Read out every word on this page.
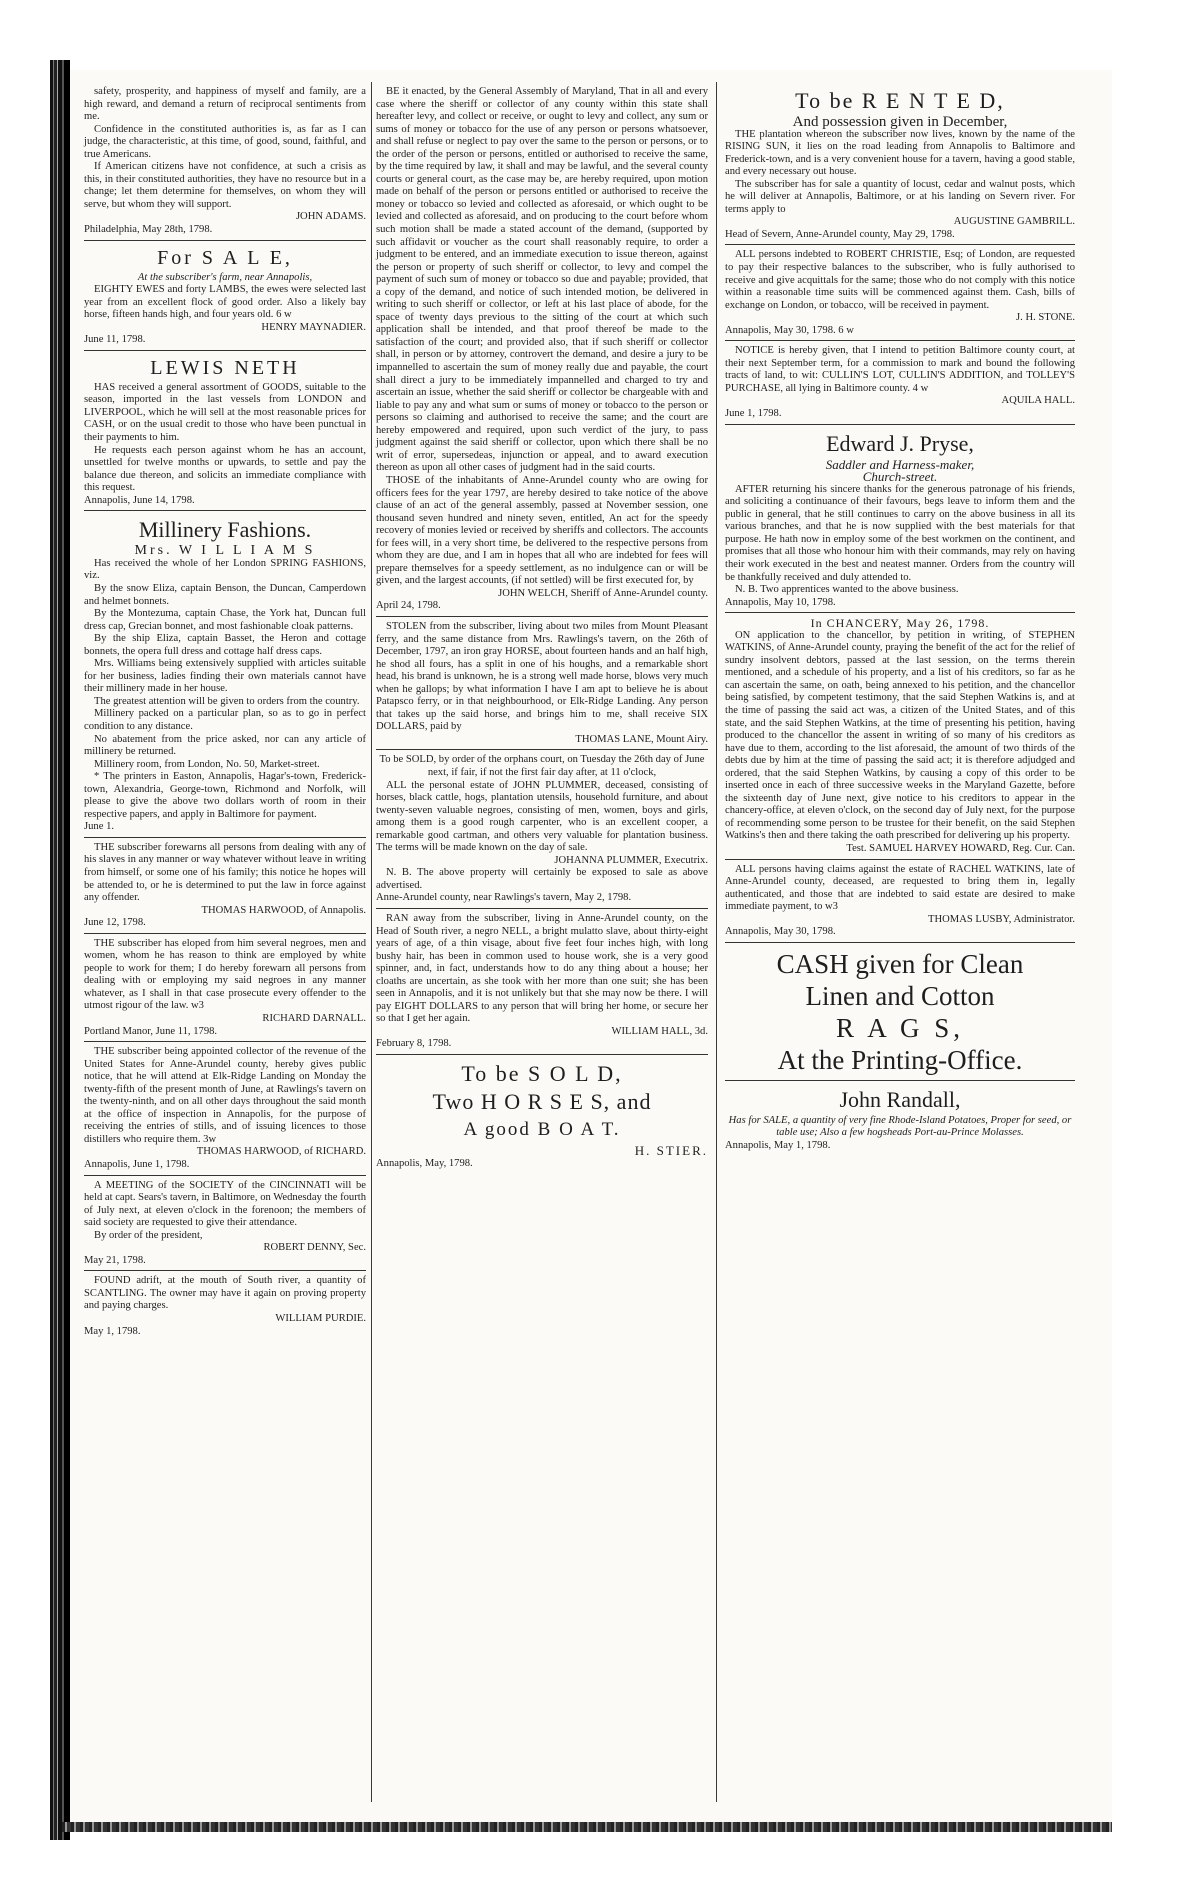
safety, prosperity, and happiness of myself and family, are a high reward, and demand a return of reciprocal sentiments from me.

Confidence in the constituted authorities is, as far as I can judge, the characteristic, at this time, of good, sound, faithful, and true Americans.

If American citizens have not confidence, at such a crisis as this, in their constituted authorities, they have no resource but in a change; let them determine for themselves, on whom they will serve, but whom they will support.

JOHN ADAMS.

Philadelphia, May 28th, 1798.

For S A L E,

At the subscriber's farm, near Annapolis,

EIGHTY EWES and forty LAMBS, the ewes were selected last year from an excellent flock of good order. Also a likely bay horse, fifteen hands high, and four years old. 6 w

HENRY MAYNADIER.

June 11, 1798.

LEWIS NETH

HAS received a general assortment of GOODS, suitable to the season, imported in the last vessels from LONDON and LIVERPOOL, which he will sell at the most reasonable prices for CASH, or on the usual credit to those who have been punctual in their payments to him.

He requests each person against whom he has an account, unsettled for twelve months or upwards, to settle and pay the balance due thereon, and solicits an immediate compliance with this request.

Annapolis, June 14, 1798.

Millinery Fashions.
Mrs. W I L L I A M S

Has received the whole of her London SPRING FASHIONS, viz.

By the snow Eliza, captain Benson, the Duncan, Camperdown and helmet bonnets.

By the Montezuma, captain Chase, the York hat, Duncan full dress cap, Grecian bonnet, and most fashionable cloak patterns.

By the ship Eliza, captain Basset, the Heron and cottage bonnets, the opera full dress and cottage half dress caps.

Mrs. Williams being extensively supplied with articles suitable for her business, ladies finding their own materials cannot have their millinery made in her house.

The greatest attention will be given to orders from the country.

Millinery packed on a particular plan, so as to go in perfect condition to any distance.

No abatement from the price asked, nor can any article of millinery be returned.

Millinery room, from London, No. 50, Market-street.

* The printers in Easton, Annapolis, Hagar's-town, Frederick-town, Alexandria, George-town, Richmond and Norfolk, will please to give the above two dollars worth of room in their respective papers, and apply in Baltimore for payment.

June 1.

THE subscriber forewarns all persons from dealing with any of his slaves in any manner or way whatever without leave in writing from himself, or some one of his family; this notice he hopes will be attended to, or he is determined to put the law in force against any offender.

THOMAS HARWOOD, of Annapolis.

June 12, 1798.

THE subscriber has eloped from him several negroes, men and women, whom he has reason to think are employed by white people to work for them; I do hereby forewarn all persons from dealing with or employing my said negroes in any manner whatever, as I shall in that case prosecute every offender to the utmost rigour of the law. w3

RICHARD DARNALL.

Portland Manor, June 11, 1798.

THE subscriber being appointed collector of the revenue of the United States for Anne-Arundel county, hereby gives public notice, that he will attend at Elk-Ridge Landing on Monday the twenty-fifth of the present month of June, at Rawlings's tavern on the twenty-ninth, and on all other days throughout the said month at the office of inspection in Annapolis, for the purpose of receiving the entries of stills, and of issuing licences to those distillers who require them. 3w

THOMAS HARWOOD, of RICHARD.

Annapolis, June 1, 1798.

A MEETING of the SOCIETY of the CINCINNATI will be held at capt. Sears's tavern, in Baltimore, on Wednesday the fourth of July next, at eleven o'clock in the forenoon; the members of said society are requested to give their attendance.

By order of the president,

ROBERT DENNY, Sec.

May 21, 1798.

FOUND adrift, at the mouth of South river, a quantity of SCANTLING. The owner may have it again on proving property and paying charges.

WILLIAM PURDIE.

May 1, 1798.

BE it enacted, by the General Assembly of Maryland, That in all and every case where the sheriff or collector of any county within this state shall hereafter levy, and collect or receive, or ought to levy and collect, any sum or sums of money or tobacco for the use of any person or persons whatsoever, and shall refuse or neglect to pay over the same to the person or persons, or to the order of the person or persons, entitled or authorised to receive the same, by the time required by law, it shall and may be lawful, and the several county courts or general court, as the case may be, are hereby required, upon motion made on behalf of the person or persons entitled or authorised to receive the money or tobacco so levied and collected as aforesaid, or which ought to be levied and collected as aforesaid, and on producing to the court before whom such motion shall be made a stated account of the demand, (supported by such affidavit or voucher as the court shall reasonably require, to order a judgment to be entered, and an immediate execution to issue thereon, against the person or property of such sheriff or collector, to levy and compel the payment of such sum of money or tobacco so due and payable; provided, that a copy of the demand, and notice of such intended motion, be delivered in writing to such sheriff or collector, or left at his last place of abode, for the space of twenty days previous to the sitting of the court at which such application shall be intended, and that proof thereof be made to the satisfaction of the court; and provided also, that if such sheriff or collector shall, in person or by attorney, controvert the demand, and desire a jury to be impannelled to ascertain the sum of money really due and payable, the court shall direct a jury to be immediately impannelled and charged to try and ascertain an issue, whether the said sheriff or collector be chargeable with and liable to pay any and what sum or sums of money or tobacco to the person or persons so claiming and authorised to receive the same; and the court are hereby empowered and required, upon such verdict of the jury, to pass judgment against the said sheriff or collector, upon which there shall be no writ of error, supersedeas, injunction or appeal, and to award execution thereon as upon all other cases of judgment had in the said courts.

THOSE of the inhabitants of Anne-Arundel county who are owing for officers fees for the year 1797, are hereby desired to take notice of the above clause of an act of the general assembly, passed at November session, one thousand seven hundred and ninety seven, entitled, An act for the speedy recovery of monies levied or received by sheriffs and collectors. The accounts for fees will, in a very short time, be delivered to the respective persons from whom they are due, and I am in hopes that all who are indebted for fees will prepare themselves for a speedy settlement, as no indulgence can or will be given, and the largest accounts, (if not settled) will be first executed for, by

JOHN WELCH, Sheriff of Anne-Arundel county.

April 24, 1798.

STOLEN from the subscriber, living about two miles from Mount Pleasant ferry, and the same distance from Mrs. Rawlings's tavern, on the 26th of December, 1797, an iron gray HORSE, about fourteen hands and an half high, he shod all fours, has a split in one of his houghs, and a remarkable short head, his brand is unknown, he is a strong well made horse, blows very much when he gallops; by what information I have I am apt to believe he is about Patapsco ferry, or in that neighbourhood, or Elk-Ridge Landing. Any person that takes up the said horse, and brings him to me, shall receive SIX DOLLARS, paid by

THOMAS LANE, Mount Airy.

To be SOLD, by order of the orphans court, on Tuesday the 26th day of June next, if fair, if not the first fair day after, at 11 o'clock,

ALL the personal estate of JOHN PLUMMER, deceased, consisting of horses, black cattle, hogs, plantation utensils, household furniture, and about twenty-seven valuable negroes, consisting of men, women, boys and girls, among them is a good rough carpenter, who is an excellent cooper, a remarkable good cartman, and others very valuable for plantation business. The terms will be made known on the day of sale.

JOHANNA PLUMMER, Executrix.

N. B. The above property will certainly be exposed to sale as above advertised.

Anne-Arundel county, near Rawlings's tavern, May 2, 1798.

RAN away from the subscriber, living in Anne-Arundel county, on the Head of South river, a negro NELL, a bright mulatto slave, about thirty-eight years of age, of a thin visage, about five feet four inches high, with long bushy hair, has been in common used to house work, she is a very good spinner, and, in fact, understands how to do any thing about a house; her cloaths are uncertain, as she took with her more than one suit; she has been seen in Annapolis, and it is not unlikely but that she may now be there. I will pay EIGHT DOLLARS to any person that will bring her home, or secure her so that I get her again.

WILLIAM HALL, 3d.

February 8, 1798.

To be S O L D,
Two H O R S E S, and
A good B O A T.

H. STIER.

Annapolis, May, 1798.

To be R E N T E D,
And possession given in December,

THE plantation whereon the subscriber now lives, known by the name of the RISING SUN, it lies on the road leading from Annapolis to Baltimore and Frederick-town, and is a very convenient house for a tavern, having a good stable, and every necessary out house.

The subscriber has for sale a quantity of locust, cedar and walnut posts, which he will deliver at Annapolis, Baltimore, or at his landing on Severn river. For terms apply to

AUGUSTINE GAMBRILL.

Head of Severn, Anne-Arundel county, May 29, 1798.

ALL persons indebted to ROBERT CHRISTIE, Esq; of London, are requested to pay their respective balances to the subscriber, who is fully authorised to receive and give acquittals for the same; those who do not comply with this notice within a reasonable time suits will be commenced against them. Cash, bills of exchange on London, or tobacco, will be received in payment.

J. H. STONE.

Annapolis, May 30, 1798. 6 w

NOTICE is hereby given, that I intend to petition Baltimore county court, at their next September term, for a commission to mark and bound the following tracts of land, to wit: CULLIN'S LOT, CULLIN'S ADDITION, and TOLLEY'S PURCHASE, all lying in Baltimore county. 4 w

AQUILA HALL.

June 1, 1798.

Edward J. Pryse,
Saddler and Harness-maker,
Church-street.

AFTER returning his sincere thanks for the generous patronage of his friends, and soliciting a continuance of their favours, begs leave to inform them and the public in general, that he still continues to carry on the above business in all its various branches, and that he is now supplied with the best materials for that purpose. He hath now in employ some of the best workmen on the continent, and promises that all those who honour him with their commands, may rely on having their work executed in the best and neatest manner. Orders from the country will be thankfully received and duly attended to.

N. B. Two apprentices wanted to the above business.

Annapolis, May 10, 1798.

In CHANCERY, May 26, 1798.

ON application to the chancellor, by petition in writing, of STEPHEN WATKINS, of Anne-Arundel county, praying the benefit of the act for the relief of sundry insolvent debtors, passed at the last session, on the terms therein mentioned, and a schedule of his property, and a list of his creditors, so far as he can ascertain the same, on oath, being annexed to his petition, and the chancellor being satisfied, by competent testimony, that the said Stephen Watkins is, and at the time of passing the said act was, a citizen of the United States, and of this state, and the said Stephen Watkins, at the time of presenting his petition, having produced to the chancellor the assent in writing of so many of his creditors as have due to them, according to the list aforesaid, the amount of two thirds of the debts due by him at the time of passing the said act; it is therefore adjudged and ordered, that the said Stephen Watkins, by causing a copy of this order to be inserted once in each of three successive weeks in the Maryland Gazette, before the sixteenth day of June next, give notice to his creditors to appear in the chancery-office, at eleven o'clock, on the second day of July next, for the purpose of recommending some person to be trustee for their benefit, on the said Stephen Watkins's then and there taking the oath prescribed for delivering up his property.

Test. SAMUEL HARVEY HOWARD, Reg. Cur. Can.

ALL persons having claims against the estate of RACHEL WATKINS, late of Anne-Arundel county, deceased, are requested to bring them in, legally authenticated, and those that are indebted to said estate are desired to make immediate payment, to w3

THOMAS LUSBY, Administrator.

Annapolis, May 30, 1798.

CASH given for Clean
Linen and Cotton
R A G S,
At the Printing-Office.
John Randall,

Has for SALE, a quantity of very fine Rhode-Island Potatoes, Proper for seed, or table use; Also a few hogsheads Port-au-Prince Molasses.

Annapolis, May 1, 1798.
